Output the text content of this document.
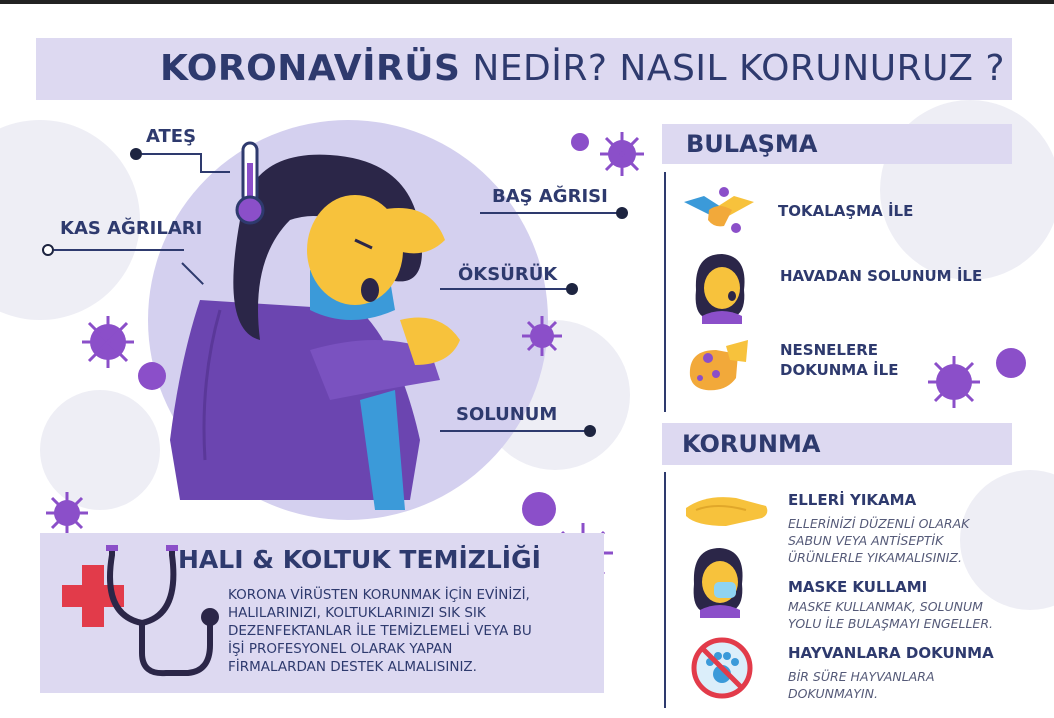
KORONAVİRÜS NEDİR? NASIL KORUNURUZ ?
ATEŞ
KAS AĞRILARI
BAŞ AĞRISI
ÖKSÜRÜK
SOLUNUM
BULAŞMA
TOKALAŞMA İLE
HAVADAN SOLUNUM İLE
NESNELERE
DOKUNMA İLE
KORUNMA
ELLERİ YIKAMA
ELLERİNİZİ DÜZENLİ OLARAK
SABUN VEYA ANTİSEPTİK
ÜRÜNLERLE YIKAMALISINIZ.
MASKE KULLAMI
MASKE KULLANMAK, SOLUNUM
YOLU İLE BULAŞMAYI ENGELLER.
HAYVANLARA DOKUNMA
BİR SÜRE HAYVANLARA
DOKUNMAYIN.
HALI & KOLTUK TEMİZLİĞİ
KORONA VİRÜSTEN KORUNMAK İÇİN EVİNİZİ,
HALILARINIZI, KOLTUKLARINIZI SIK SIK
DEZENFEKTANLAR İLE TEMİZLEMELİ VEYA BU
İŞİ PROFESYONEL OLARAK YAPAN
FİRMALARDAN DESTEK ALMALISINIZ.
